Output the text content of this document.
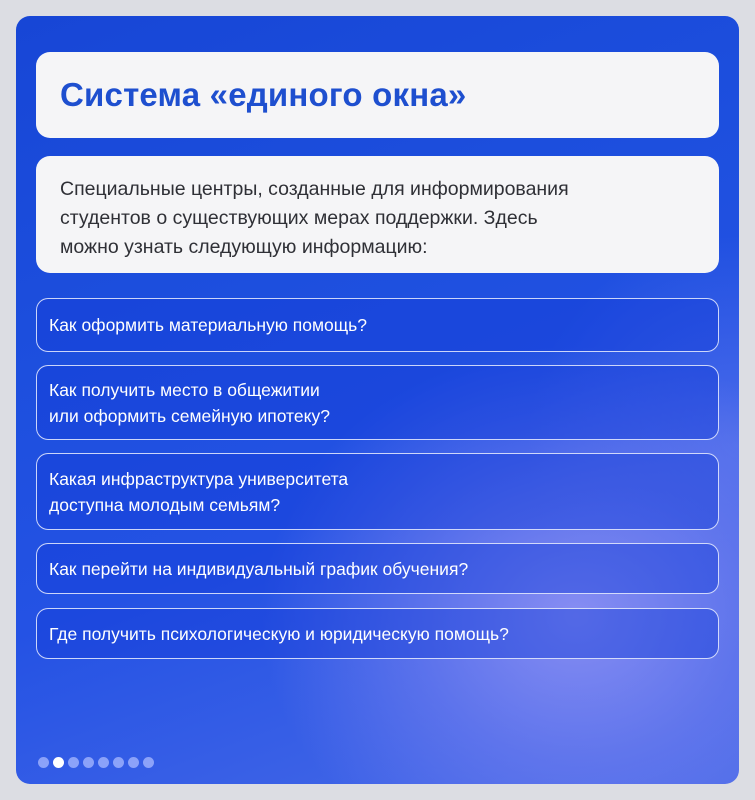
Система «единого окна»
Специальные центры, созданные для информирования
студентов о существующих мерах поддержки. Здесь
можно узнать следующую информацию:
Как оформить материальную помощь?
Как получить место в общежитии
или оформить семейную ипотеку?
Какая инфраструктура университета
доступна молодым семьям?
Как перейти на индивидуальный график обучения?
Где получить психологическую и юридическую помощь?
